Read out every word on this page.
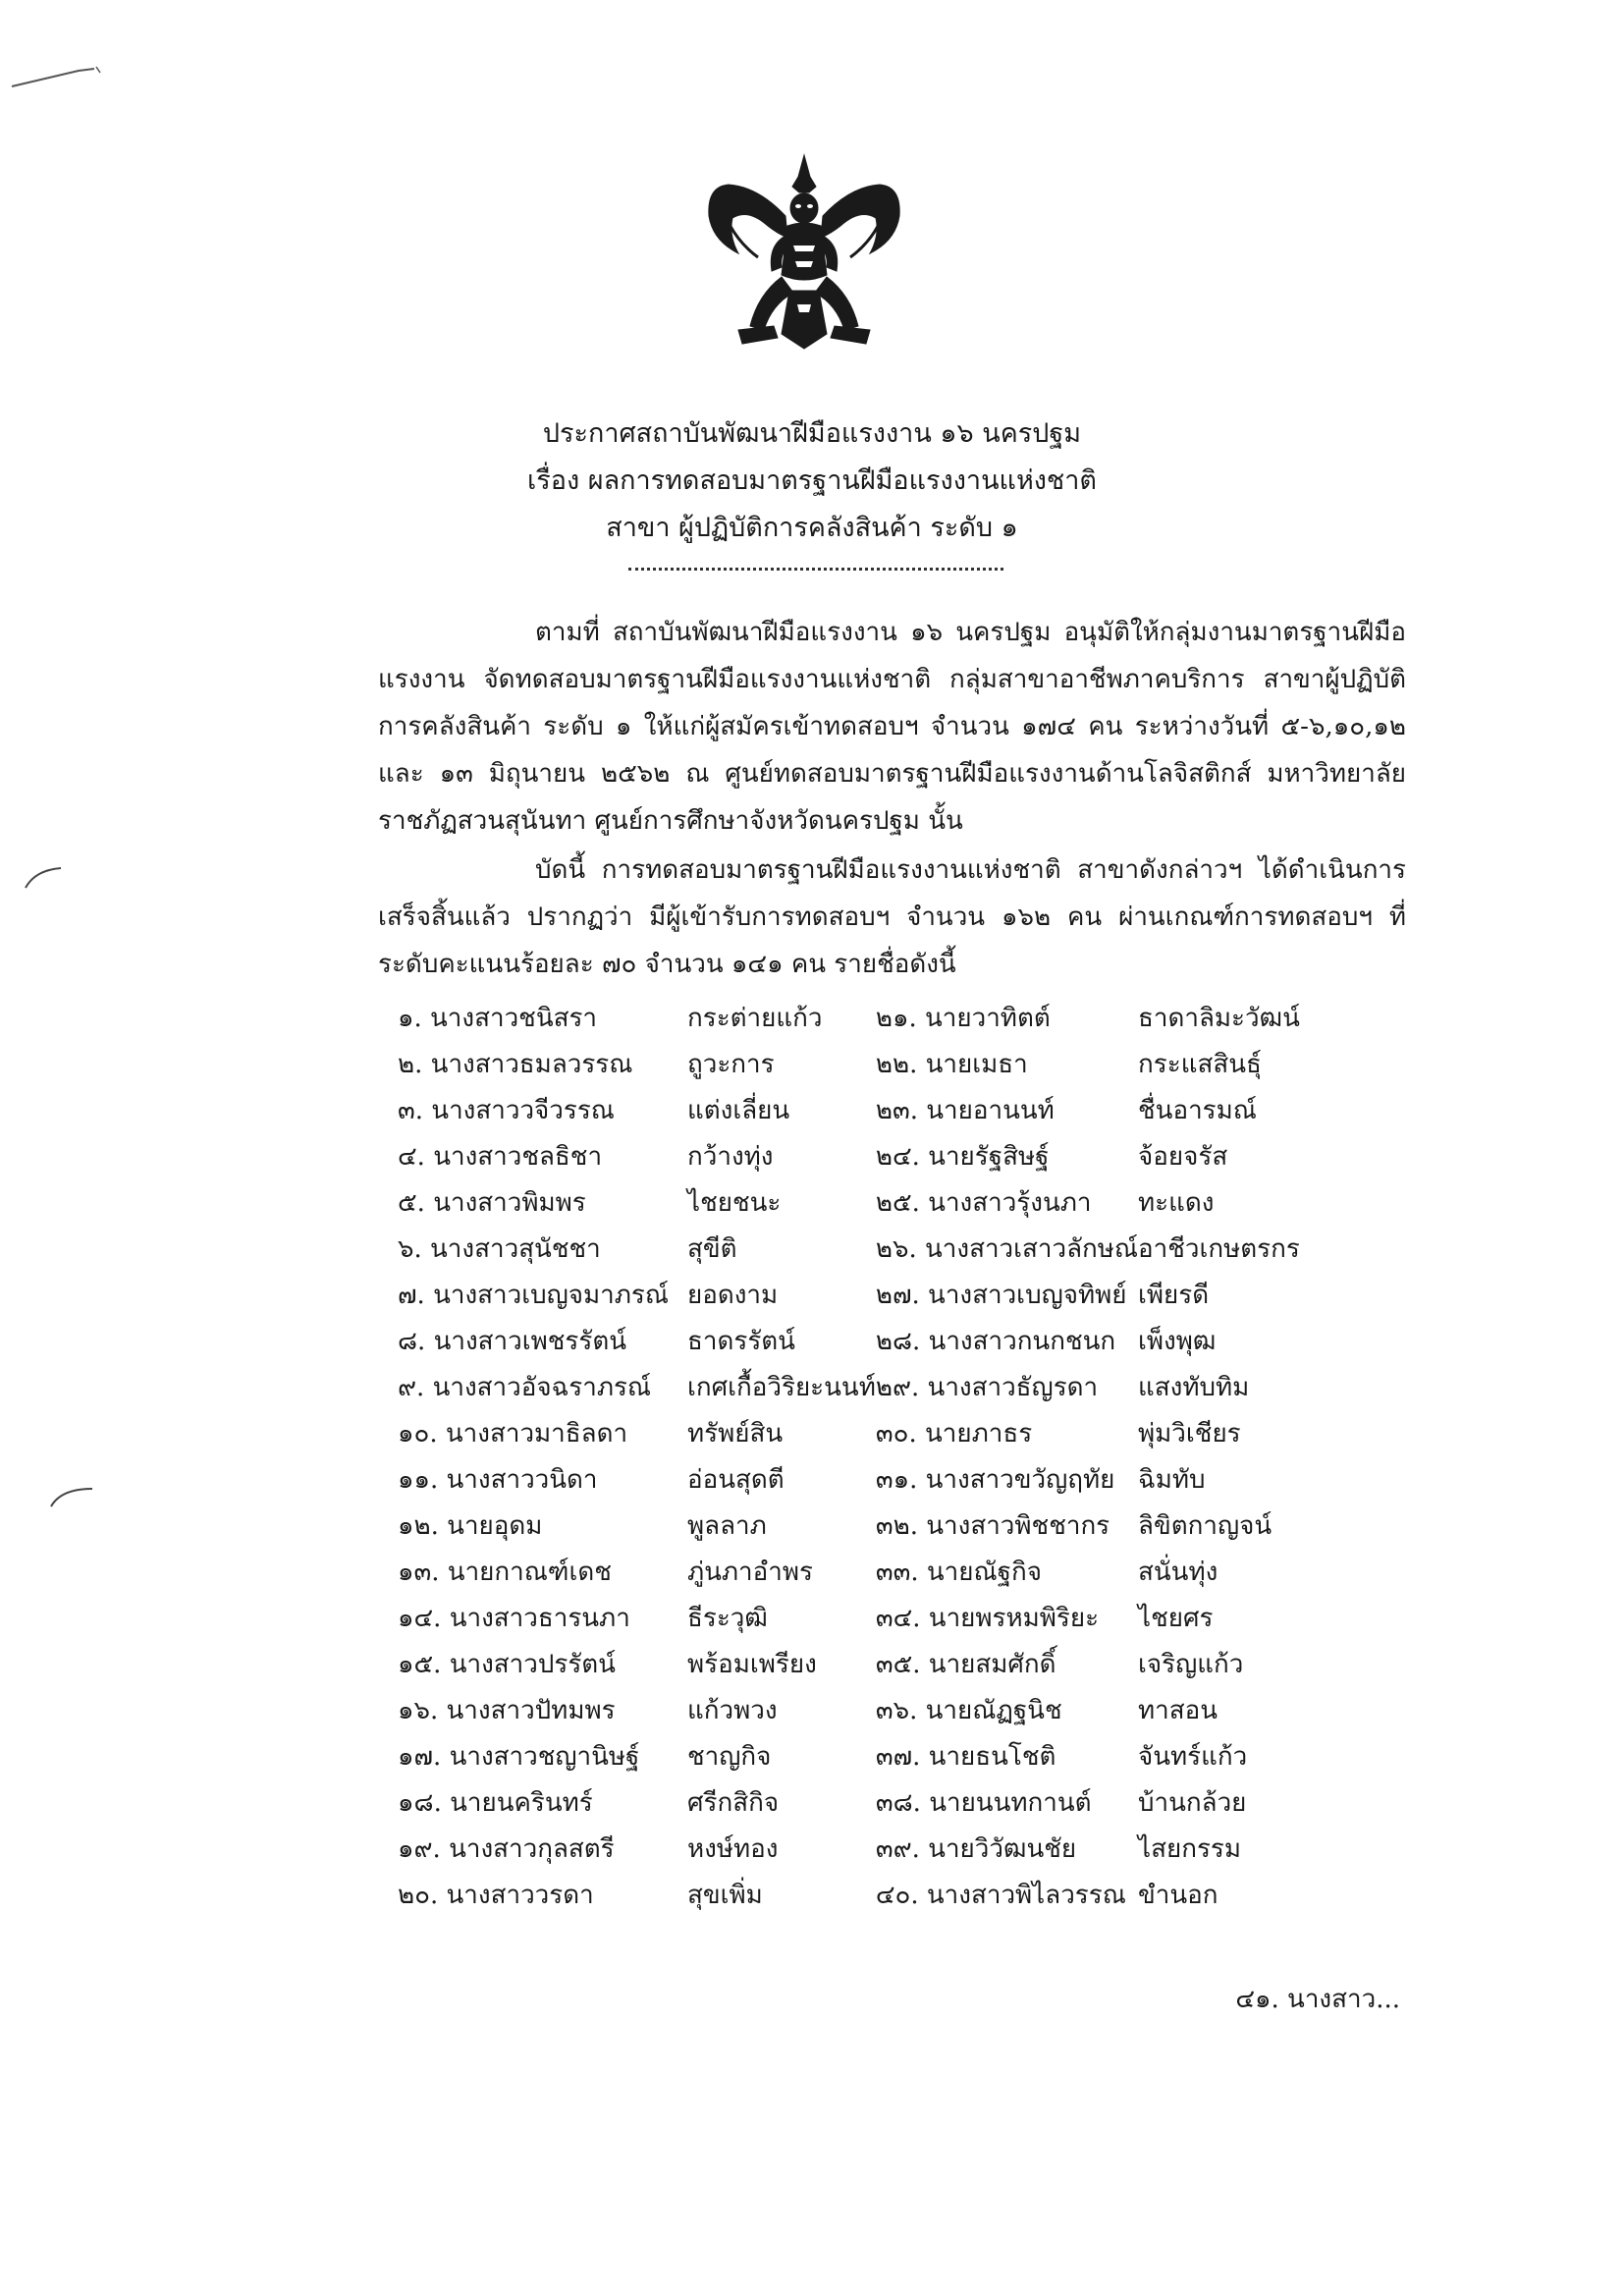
ประกาศสถาบันพัฒนาฝีมือแรงงาน ๑๖ นครปฐม
เรื่อง ผลการทดสอบมาตรฐานฝีมือแรงงานแห่งชาติ
สาขา ผู้ปฏิบัติการคลังสินค้า ระดับ ๑
ตามที่ สถาบันพัฒนาฝีมือแรงงาน ๑๖ นครปฐม อนุมัติให้กลุ่มงานมาตรฐานฝีมือแรงงาน จัดทดสอบมาตรฐานฝีมือแรงงานแห่งชาติ กลุ่มสาขาอาชีพภาคบริการ สาขาผู้ปฏิบัติการคลังสินค้า ระดับ ๑ ให้แก่ผู้สมัครเข้าทดสอบฯ จำนวน ๑๗๔ คน ระหว่างวันที่ ๕-๖,๑๐,๑๒ และ ๑๓ มิถุนายน ๒๕๖๒ ณ ศูนย์ทดสอบมาตรฐานฝีมือแรงงานด้านโลจิสติกส์ มหาวิทยาลัยราชภัฏสวนสุนันทา ศูนย์การศึกษาจังหวัดนครปฐม นั้น
บัดนี้ การทดสอบมาตรฐานฝีมือแรงงานแห่งชาติ สาขาดังกล่าวฯ ได้ดำเนินการเสร็จสิ้นแล้ว ปรากฏว่า มีผู้เข้ารับการทดสอบฯ จำนวน ๑๖๒ คน ผ่านเกณฑ์การทดสอบฯ ที่ระดับคะแนนร้อยละ ๗๐ จำนวน ๑๔๑ คน รายชื่อดังนี้
๑. นางสาวชนิสรา	กระต่ายแก้ว	๒๑. นายวาทิตต์	ธาดาลิมะวัฒน์
๒. นางสาวธมลวรรณ	ถูวะการ	๒๒. นายเมธา	กระแสสินธุ์
๓. นางสาววจีวรรณ	แต่งเลี่ยน	๒๓. นายอานนท์	ชื่นอารมณ์
๔. นางสาวชลธิชา	กว้างทุ่ง	๒๔. นายรัฐสิษฐ์	จ้อยจรัส
๕. นางสาวพิมพร	ไชยชนะ	๒๕. นางสาวรุ้งนภา	ทะแดง
๖. นางสาวสุนัชชา	สุขีติ	๒๖. นางสาวเสาวลักษณ์	อาชีวเกษตรกร
๗. นางสาวเบญจมาภรณ์	ยอดงาม	๒๗. นางสาวเบญจทิพย์	เพียรดี
๘. นางสาวเพชรรัตน์	ธาดรรัตน์	๒๘. นางสาวกนกชนก	เพ็งพุฒ
๙. นางสาวอัจฉราภรณ์	เกศเกื้อวิริยะนนท์	๒๙. นางสาวธัญรดา	แสงทับทิม
๑๐. นางสาวมาธิลดา	ทรัพย์สิน	๓๐. นายภาธร	พุ่มวิเชียร
๑๑. นางสาววนิดา	อ่อนสุดตี	๓๑. นางสาวขวัญฤทัย	ฉิมทับ
๑๒. นายอุดม	พูลลาภ	๓๒. นางสาวพิชชากร	ลิขิตกาญจน์
๑๓. นายกาณฑ์เดช	ภู่นภาอำพร	๓๓. นายณัฐกิจ	สนั่นทุ่ง
๑๔. นางสาวธารนภา	ธีระวุฒิ	๓๔. นายพรหมพิริยะ	ไชยศร
๑๕. นางสาวปรรัตน์	พร้อมเพรียง	๓๕. นายสมศักดิ์	เจริญแก้ว
๑๖. นางสาวปัทมพร	แก้วพวง	๓๖. นายณัฏฐนิช	ทาสอน
๑๗. นางสาวชญานิษฐ์	ชาญกิจ	๓๗. นายธนโชติ	จันทร์แก้ว
๑๘. นายนครินทร์	ศรีกสิกิจ	๓๘. นายนนทกานต์	บ้านกล้วย
๑๙. นางสาวกุลสตรี	หงษ์ทอง	๓๙. นายวิวัฒนชัย	ไสยกรรม
๒๐. นางสาววรดา	สุขเพิ่ม	๔๐. นางสาวพิไลวรรณ	ขำนอก
๔๑. นางสาว...
